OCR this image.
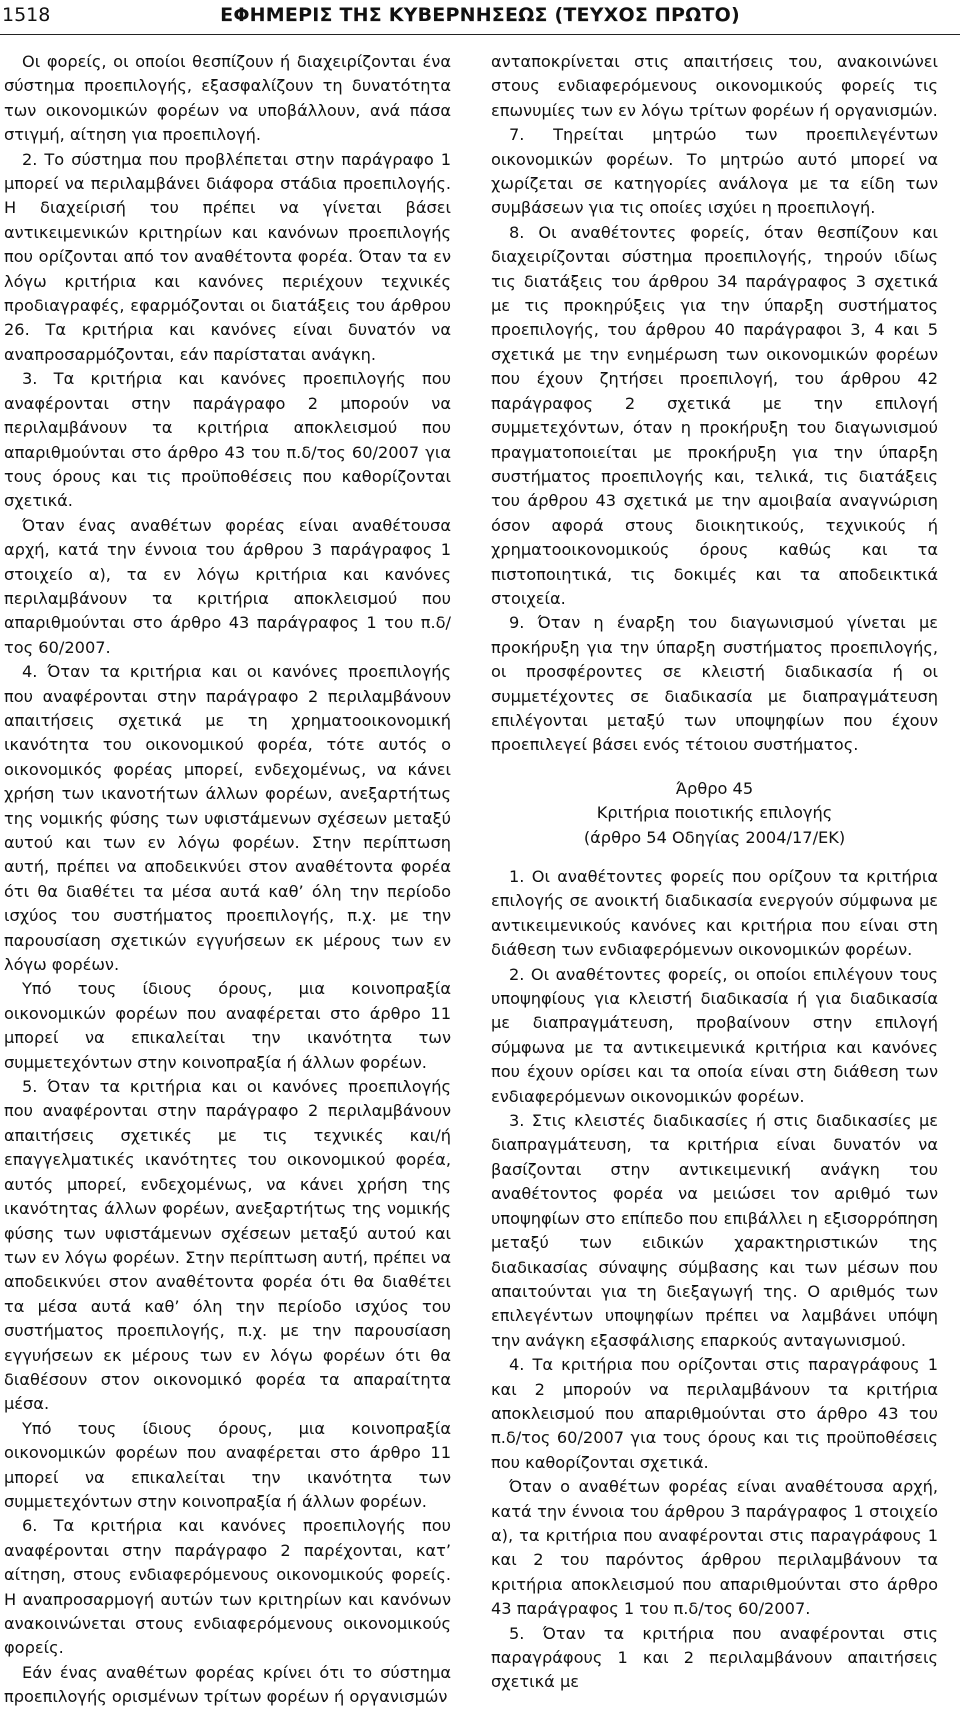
1518	ΕΦΗΜΕΡΙΣ ΤΗΣ ΚΥΒΕΡΝΗΣΕΩΣ (ΤΕΥΧΟΣ ΠΡΩΤΟ)

Οι φορείς, οι οποίοι θεσπίζουν ή διαχειρίζονται ένα σύστημα προεπιλογής, εξασφαλίζουν τη δυνατότητα των οικονομικών φορέων να υποβάλλουν, ανά πάσα στιγμή, αίτηση για προεπιλογή.

2. Το σύστημα που προβλέπεται στην παράγραφο 1 μπορεί να περιλαμβάνει διάφορα στάδια προεπιλογής. Η διαχείρισή του πρέπει να γίνεται βάσει αντικειμενικών κριτηρίων και κανόνων προεπιλογής που ορίζονται από τον αναθέτοντα φορέα. Όταν τα εν λόγω κριτήρια και κανόνες περιέχουν τεχνικές προδιαγραφές, εφαρμόζονται οι διατάξεις του άρθρου 26. Τα κριτήρια και κανόνες είναι δυνατόν να αναπροσαρμόζονται, εάν παρίσταται ανάγκη.

3. Τα κριτήρια και κανόνες προεπιλογής που αναφέρονται στην παράγραφο 2 μπορούν να περιλαμβάνουν τα κριτήρια αποκλεισμού που απαριθμούνται στο άρθρο 43 του π.δ/τος 60/2007 για τους όρους και τις προϋποθέσεις που καθορίζονται σχετικά.

Όταν ένας αναθέτων φορέας είναι αναθέτουσα αρχή, κατά την έννοια του άρθρου 3 παράγραφος 1 στοιχείο α), τα εν λόγω κριτήρια και κανόνες περιλαμβάνουν τα κριτήρια αποκλεισμού που απαριθμούνται στο άρθρο 43 παράγραφος 1 του π.δ/τος 60/2007.

4. Όταν τα κριτήρια και οι κανόνες προεπιλογής που αναφέρονται στην παράγραφο 2 περιλαμβάνουν απαιτήσεις σχετικά με τη χρηματοοικονομική ικανότητα του οικονομικού φορέα, τότε αυτός ο οικονομικός φορέας μπορεί, ενδεχομένως, να κάνει χρήση των ικανοτήτων άλλων φορέων, ανεξαρτήτως της νομικής φύσης των υφιστάμενων σχέσεων μεταξύ αυτού και των εν λόγω φορέων. Στην περίπτωση αυτή, πρέπει να αποδεικνύει στον αναθέτοντα φορέα ότι θα διαθέτει τα μέσα αυτά καθ’ όλη την περίοδο ισχύος του συστήματος προεπιλογής, π.χ. με την παρουσίαση σχετικών εγγυήσεων εκ μέρους των εν λόγω φορέων.

Υπό τους ίδιους όρους, μια κοινοπραξία οικονομικών φορέων που αναφέρεται στο άρθρο 11 μπορεί να επικαλείται την ικανότητα των συμμετεχόντων στην κοινοπραξία ή άλλων φορέων.

5. Όταν τα κριτήρια και οι κανόνες προεπιλογής που αναφέρονται στην παράγραφο 2 περιλαμβάνουν απαιτήσεις σχετικές με τις τεχνικές και/ή επαγγελματικές ικανότητες του οικονομικού φορέα, αυτός μπορεί, ενδεχομένως, να κάνει χρήση της ικανότητας άλλων φορέων, ανεξαρτήτως της νομικής φύσης των υφιστάμενων σχέσεων μεταξύ αυτού και των εν λόγω φορέων. Στην περίπτωση αυτή, πρέπει να αποδεικνύει στον αναθέτοντα φορέα ότι θα διαθέτει τα μέσα αυτά καθ’ όλη την περίοδο ισχύος του συστήματος προεπιλογής, π.χ. με την παρουσίαση εγγυήσεων εκ μέρους των εν λόγω φορέων ότι θα διαθέσουν στον οικονομικό φορέα τα απαραίτητα μέσα.

Υπό τους ίδιους όρους, μια κοινοπραξία οικονομικών φορέων που αναφέρεται στο άρθρο 11 μπορεί να επικαλείται την ικανότητα των συμμετεχόντων στην κοινοπραξία ή άλλων φορέων.

6. Τα κριτήρια και κανόνες προεπιλογής που αναφέρονται στην παράγραφο 2 παρέχονται, κατ’ αίτηση, στους ενδιαφερόμενους οικονομικούς φορείς. Η αναπροσαρμογή αυτών των κριτηρίων και κανόνων ανακοινώνεται στους ενδιαφερόμενους οικονομικούς φορείς.

Εάν ένας αναθέτων φορέας κρίνει ότι το σύστημα προεπιλογής ορισμένων τρίτων φορέων ή οργανισμών

ανταποκρίνεται στις απαιτήσεις του, ανακοινώνει στους ενδιαφερόμενους οικονομικούς φορείς τις επωνυμίες των εν λόγω τρίτων φορέων ή οργανισμών.

7. Τηρείται μητρώο των προεπιλεγέντων οικονομικών φορέων. Το μητρώο αυτό μπορεί να χωρίζεται σε κατηγορίες ανάλογα με τα είδη των συμβάσεων για τις οποίες ισχύει η προεπιλογή.

8. Οι αναθέτοντες φορείς, όταν θεσπίζουν και διαχειρίζονται σύστημα προεπιλογής, τηρούν ιδίως τις διατάξεις του άρθρου 34 παράγραφος 3 σχετικά με τις προκηρύξεις για την ύπαρξη συστήματος προεπιλογής, του άρθρου 40 παράγραφοι 3, 4 και 5 σχετικά με την ενημέρωση των οικονομικών φορέων που έχουν ζητήσει προεπιλογή, του άρθρου 42 παράγραφος 2 σχετικά με την επιλογή συμμετεχόντων, όταν η προκήρυξη του διαγωνισμού πραγματοποιείται με προκήρυξη για την ύπαρξη συστήματος προεπιλογής και, τελικά, τις διατάξεις του άρθρου 43 σχετικά με την αμοιβαία αναγνώριση όσον αφορά στους διοικητικούς, τεχνικούς ή χρηματοοικονομικούς όρους καθώς και τα πιστοποιητικά, τις δοκιμές και τα αποδεικτικά στοιχεία.

9. Όταν η έναρξη του διαγωνισμού γίνεται με προκήρυξη για την ύπαρξη συστήματος προεπιλογής, οι προσφέροντες σε κλειστή διαδικασία ή οι συμμετέχοντες σε διαδικασία με διαπραγμάτευση επιλέγονται μεταξύ των υποψηφίων που έχουν προεπιλεγεί βάσει ενός τέτοιου συστήματος.

Άρθρο 45
Κριτήρια ποιοτικής επιλογής
(άρθρο 54 Οδηγίας 2004/17/ΕΚ)

1. Οι αναθέτοντες φορείς που ορίζουν τα κριτήρια επιλογής σε ανοικτή διαδικασία ενεργούν σύμφωνα με αντικειμενικούς κανόνες και κριτήρια που είναι στη διάθεση των ενδιαφερόμενων οικονομικών φορέων.

2. Οι αναθέτοντες φορείς, οι οποίοι επιλέγουν τους υποψηφίους για κλειστή διαδικασία ή για διαδικασία με διαπραγμάτευση, προβαίνουν στην επιλογή σύμφωνα με τα αντικειμενικά κριτήρια και κανόνες που έχουν ορίσει και τα οποία είναι στη διάθεση των ενδιαφερόμενων οικονομικών φορέων.

3. Στις κλειστές διαδικασίες ή στις διαδικασίες με διαπραγμάτευση, τα κριτήρια είναι δυνατόν να βασίζονται στην αντικειμενική ανάγκη του αναθέτοντος φορέα να μειώσει τον αριθμό των υποψηφίων στο επίπεδο που επιβάλλει η εξισορρόπηση μεταξύ των ειδικών χαρακτηριστικών της διαδικασίας σύναψης σύμβασης και των μέσων που απαιτούνται για τη διεξαγωγή της. Ο αριθμός των επιλεγέντων υποψηφίων πρέπει να λαμβάνει υπόψη την ανάγκη εξασφάλισης επαρκούς ανταγωνισμού.

4. Τα κριτήρια που ορίζονται στις παραγράφους 1 και 2 μπορούν να περιλαμβάνουν τα κριτήρια αποκλεισμού που απαριθμούνται στο άρθρο 43 του π.δ/τος 60/2007 για τους όρους και τις προϋποθέσεις που καθορίζονται σχετικά.

Όταν ο αναθέτων φορέας είναι αναθέτουσα αρχή, κατά την έννοια του άρθρου 3 παράγραφος 1 στοιχείο α), τα κριτήρια που αναφέρονται στις παραγράφους 1 και 2 του παρόντος άρθρου περιλαμβάνουν τα κριτήρια αποκλεισμού που απαριθμούνται στο άρθρο 43 παράγραφος 1 του π.δ/τος 60/2007.

5. Όταν τα κριτήρια που αναφέρονται στις παραγράφους 1 και 2 περιλαμβάνουν απαιτήσεις σχετικά με
